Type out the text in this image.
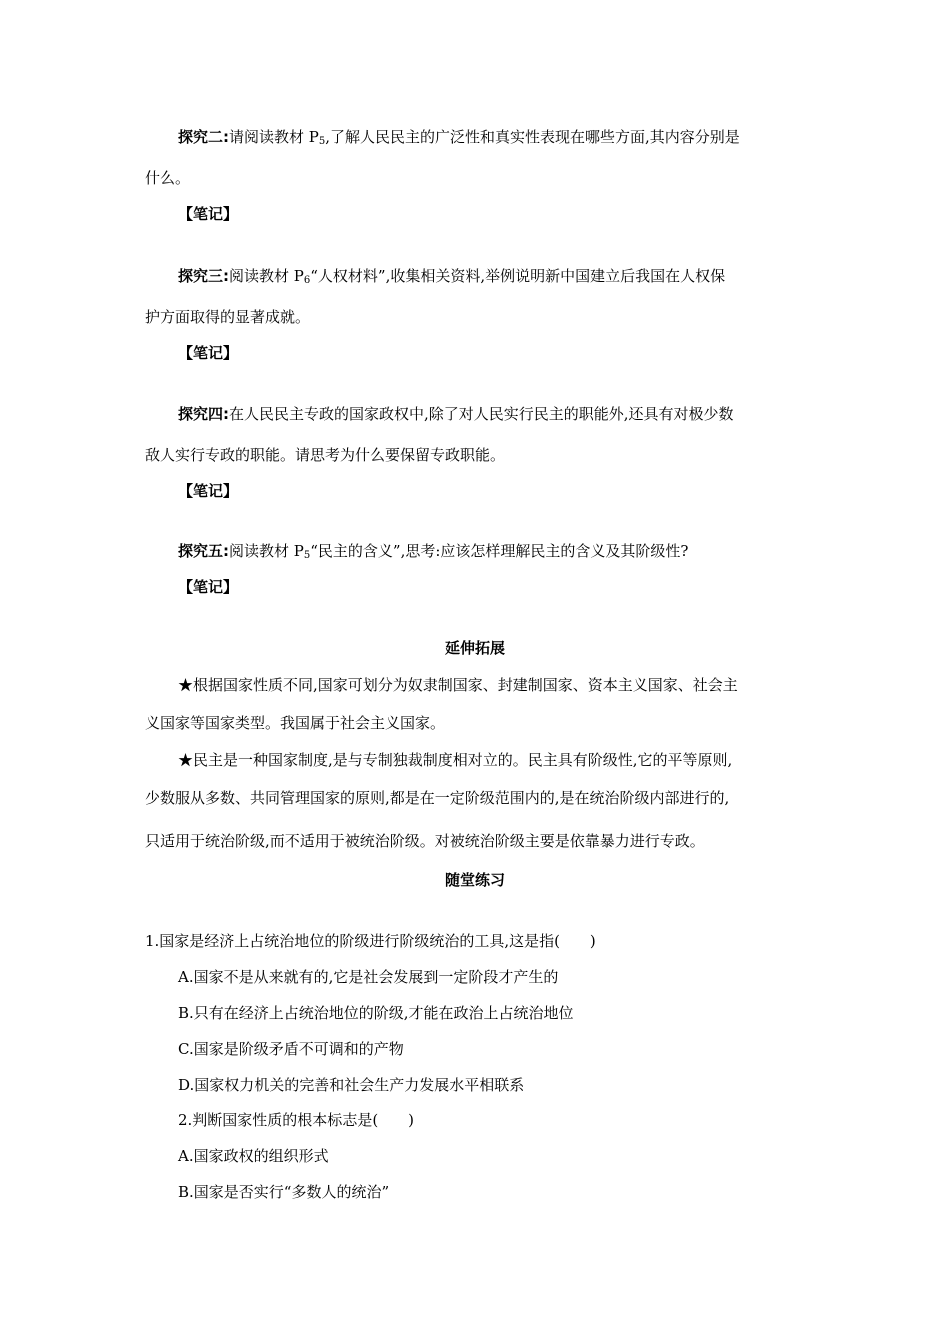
探究二:请阅读教材 $P_5$,了解人民民主的广泛性和真实性表现在哪些方面,其内容分别是
什么。
【笔记】
探究三:阅读教材 $P_6“$人权材料”,收集相关资料,举例说明新中国建立后我国在人权保
护方面取得的显著成就。
【笔记】
探究四:在人民民主专政的国家政权中,除了对人民实行民主的职能外,还具有对极少数
敌人实行专政的职能。请思考为什么要保留专政职能。
【笔记】
探究五:阅读教材 $P_5“$民主的含义”,思考:应该怎样理解民主的含义及其阶级性?
【笔记】
延伸拓展
★根据国家性质不同,国家可划分为奴隶制国家、封建制国家、资本主义国家、社会主
义国家等国家类型。我国属于社会主义国家。
★民主是一种国家制度,是与专制独裁制度相对立的。民主具有阶级性,它的平等原则,
少数服从多数、共同管理国家的原则,都是在一定阶级范围内的,是在统治阶级内部进行的,
只适用于统治阶级,而不适用于被统治阶级。对被统治阶级主要是依靠暴力进行专政。
随堂练习
1.国家是经济上占统治地位的阶级进行阶级统治的工具,这是指(　　)
A.国家不是从来就有的,它是社会发展到一定阶段才产生的
B.只有在经济上占统治地位的阶级,才能在政治上占统治地位
C.国家是阶级矛盾不可调和的产物
D.国家权力机关的完善和社会生产力发展水平相联系
2.判断国家性质的根本标志是(　　)
A.国家政权的组织形式
B.国家是否实行“多数人的统治”
